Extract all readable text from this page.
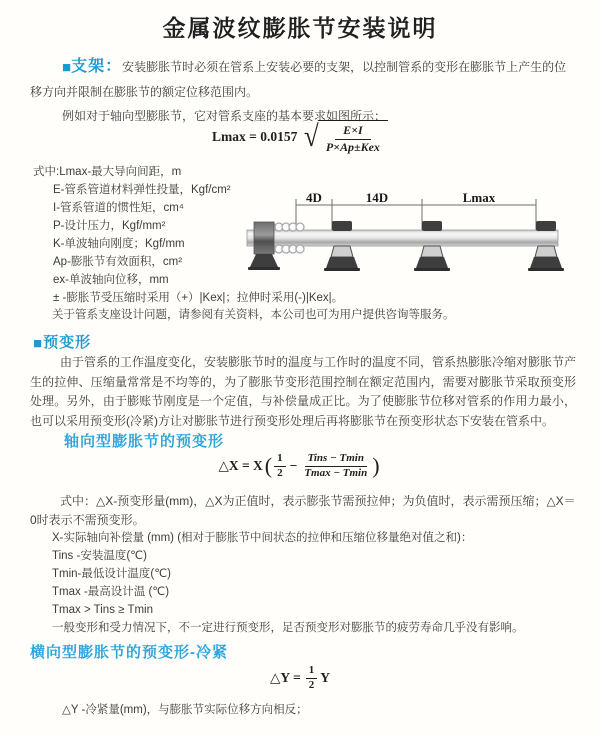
金属波纹膨胀节安装说明

■支架：安装膨胀节时必须在管系上安装必要的支架，以控制管系的变形在膨胀节上产生的位移方向并限制在膨胀节的额定位移范围内。

例如对于轴向型膨胀节，它对管系支座的基本要求如图所示：

Lmax = 0.0157 √
$\frac{E\times I}{\text{P×Ap±Kex}}$
式中:Lmax-最大导向间距，m
E-管系管道材料弹性投量，Kgf/cm²
I-管系管道的惯性矩，cm⁴
P-设计压力，Kgf/mm²
K-单波轴向刚度；Kgf/mm
Ap-膨胀节有效面积，cm²
ex-单波轴向位移，mm
± -膨胀节受压缩时采用（+）|Kex|；拉伸时采用(-)|Kex|。
关于管系支座设计问题，请参阅有关资料，本公司也可为用户提供咨询等服务。
4D	14D	Lmax
■预变形

由于管系的工作温度变化，安装膨胀节时的温度与工作时的温度不同，管系热膨胀冷缩对膨胀节产生的拉伸、压缩量常常是不均等的，为了膨胀节变形范围控制在额定范围内，需要对膨胀节采取预变形处理。另外，由于膨账节刚度是一个定值，与补偿量成正比。为了使膨胀节位移对管系的作用力最小，也可以采用预变形(冷紧)方让对膨胀节进行预变形处理后再将膨胀节在预变形状态下安装在管系中。

轴向型膨胀节的预变形
△X = X ( $\frac{1}{2} - \frac{\text{Tins − Tmin}}{Tmax - Tmin}$ )

式中：△X-预变形量(mm)，△X为正值时，表示膨张节需预拉伸；为负值时，表示需预压缩；△X＝0时表示不需预变形。

X-实际轴向补偿量 (mm) (相对于膨胀节中间状态的拉伸和压缩位移量绝对值之和)：
Tins -安装温度(℃)
Tmin-最低设计温度(℃)
Tmax -最高设计温 (℃)
Tmax > Tins ≥ Tmin
一般变形和受力情况下，不一定进行预变形，足否预变形对膨胀节的疲劳寿命几乎没有影响。
横向型膨胀节的预变形-冷紧
△Y = $\frac{1}{2}$ Y
△Y -冷紧量(mm)，与膨胀节实际位移方向相反；
